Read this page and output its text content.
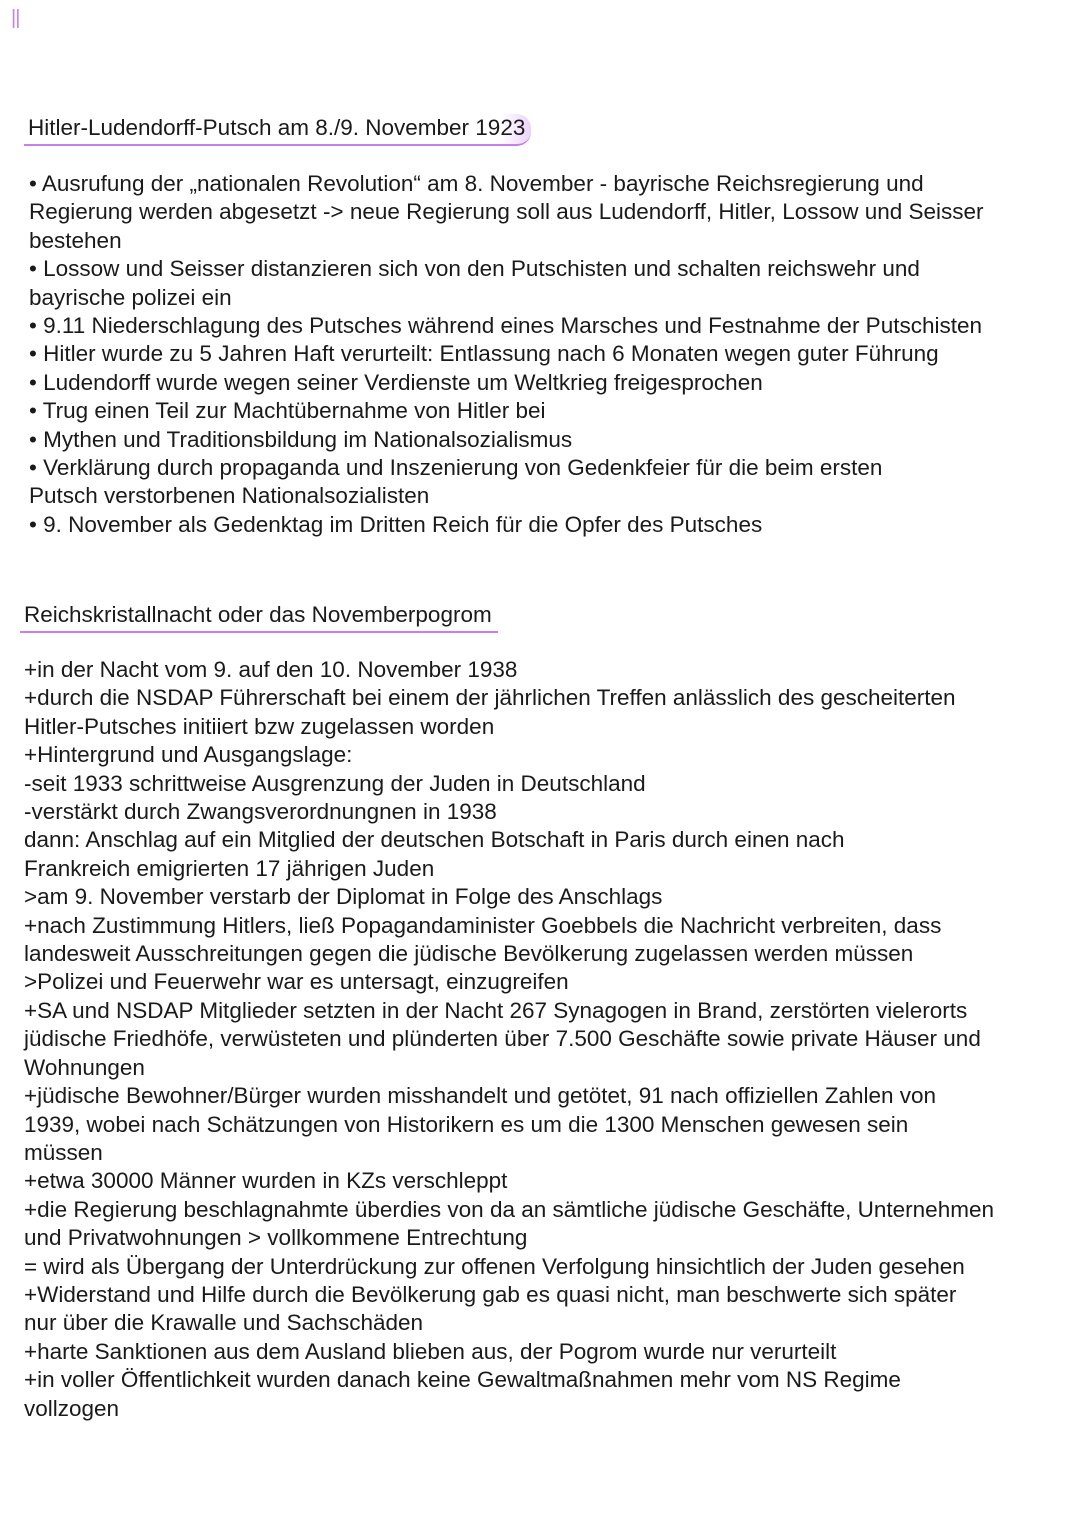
||
Hitler-Ludendorff-Putsch am 8./9. November 1923
• Ausrufung der „nationalen Revolution“ am 8. November - bayrische Reichsregierung und
Regierung werden abgesetzt -> neue Regierung soll aus Ludendorff, Hitler, Lossow und Seisser
bestehen
• Lossow und Seisser distanzieren sich von den Putschisten und schalten reichswehr und
bayrische polizei ein
• 9.11 Niederschlagung des Putsches während eines Marsches und Festnahme der Putschisten
• Hitler wurde zu 5 Jahren Haft verurteilt: Entlassung nach 6 Monaten wegen guter Führung
• Ludendorff wurde wegen seiner Verdienste um Weltkrieg freigesprochen
• Trug einen Teil zur Machtübernahme von Hitler bei
• Mythen und Traditionsbildung im Nationalsozialismus
• Verklärung durch propaganda und Inszenierung von Gedenkfeier für die beim ersten
Putsch verstorbenen Nationalsozialisten
• 9. November als Gedenktag im Dritten Reich für die Opfer des Putsches
Reichskristallnacht oder das Novemberpogrom
+in der Nacht vom 9. auf den 10. November 1938
+durch die NSDAP Führerschaft bei einem der jährlichen Treffen anlässlich des gescheiterten
Hitler-Putsches initiiert bzw zugelassen worden
+Hintergrund und Ausgangslage:
-seit 1933 schrittweise Ausgrenzung der Juden in Deutschland
-verstärkt durch Zwangsverordnungnen in 1938
dann: Anschlag auf ein Mitglied der deutschen Botschaft in Paris durch einen nach
Frankreich emigrierten 17 jährigen Juden
>am 9. November verstarb der Diplomat in Folge des Anschlags
+nach Zustimmung Hitlers, ließ Popagandaminister Goebbels die Nachricht verbreiten, dass
landesweit Ausschreitungen gegen die jüdische Bevölkerung zugelassen werden müssen
>Polizei und Feuerwehr war es untersagt, einzugreifen
+SA und NSDAP Mitglieder setzten in der Nacht 267 Synagogen in Brand, zerstörten vielerorts
jüdische Friedhöfe, verwüsteten und plünderten über 7.500 Geschäfte sowie private Häuser und
Wohnungen
+jüdische Bewohner/Bürger wurden misshandelt und getötet, 91 nach offiziellen Zahlen von
1939, wobei nach Schätzungen von Historikern es um die 1300 Menschen gewesen sein
müssen
+etwa 30000 Männer wurden in KZs verschleppt
+die Regierung beschlagnahmte überdies von da an sämtliche jüdische Geschäfte, Unternehmen
und Privatwohnungen > vollkommene Entrechtung
= wird als Übergang der Unterdrückung zur offenen Verfolgung hinsichtlich der Juden gesehen
+Widerstand und Hilfe durch die Bevölkerung gab es quasi nicht, man beschwerte sich später
nur über die Krawalle und Sachschäden
+harte Sanktionen aus dem Ausland blieben aus, der Pogrom wurde nur verurteilt
+in voller Öffentlichkeit wurden danach keine Gewaltmaßnahmen mehr vom NS Regime
vollzogen
